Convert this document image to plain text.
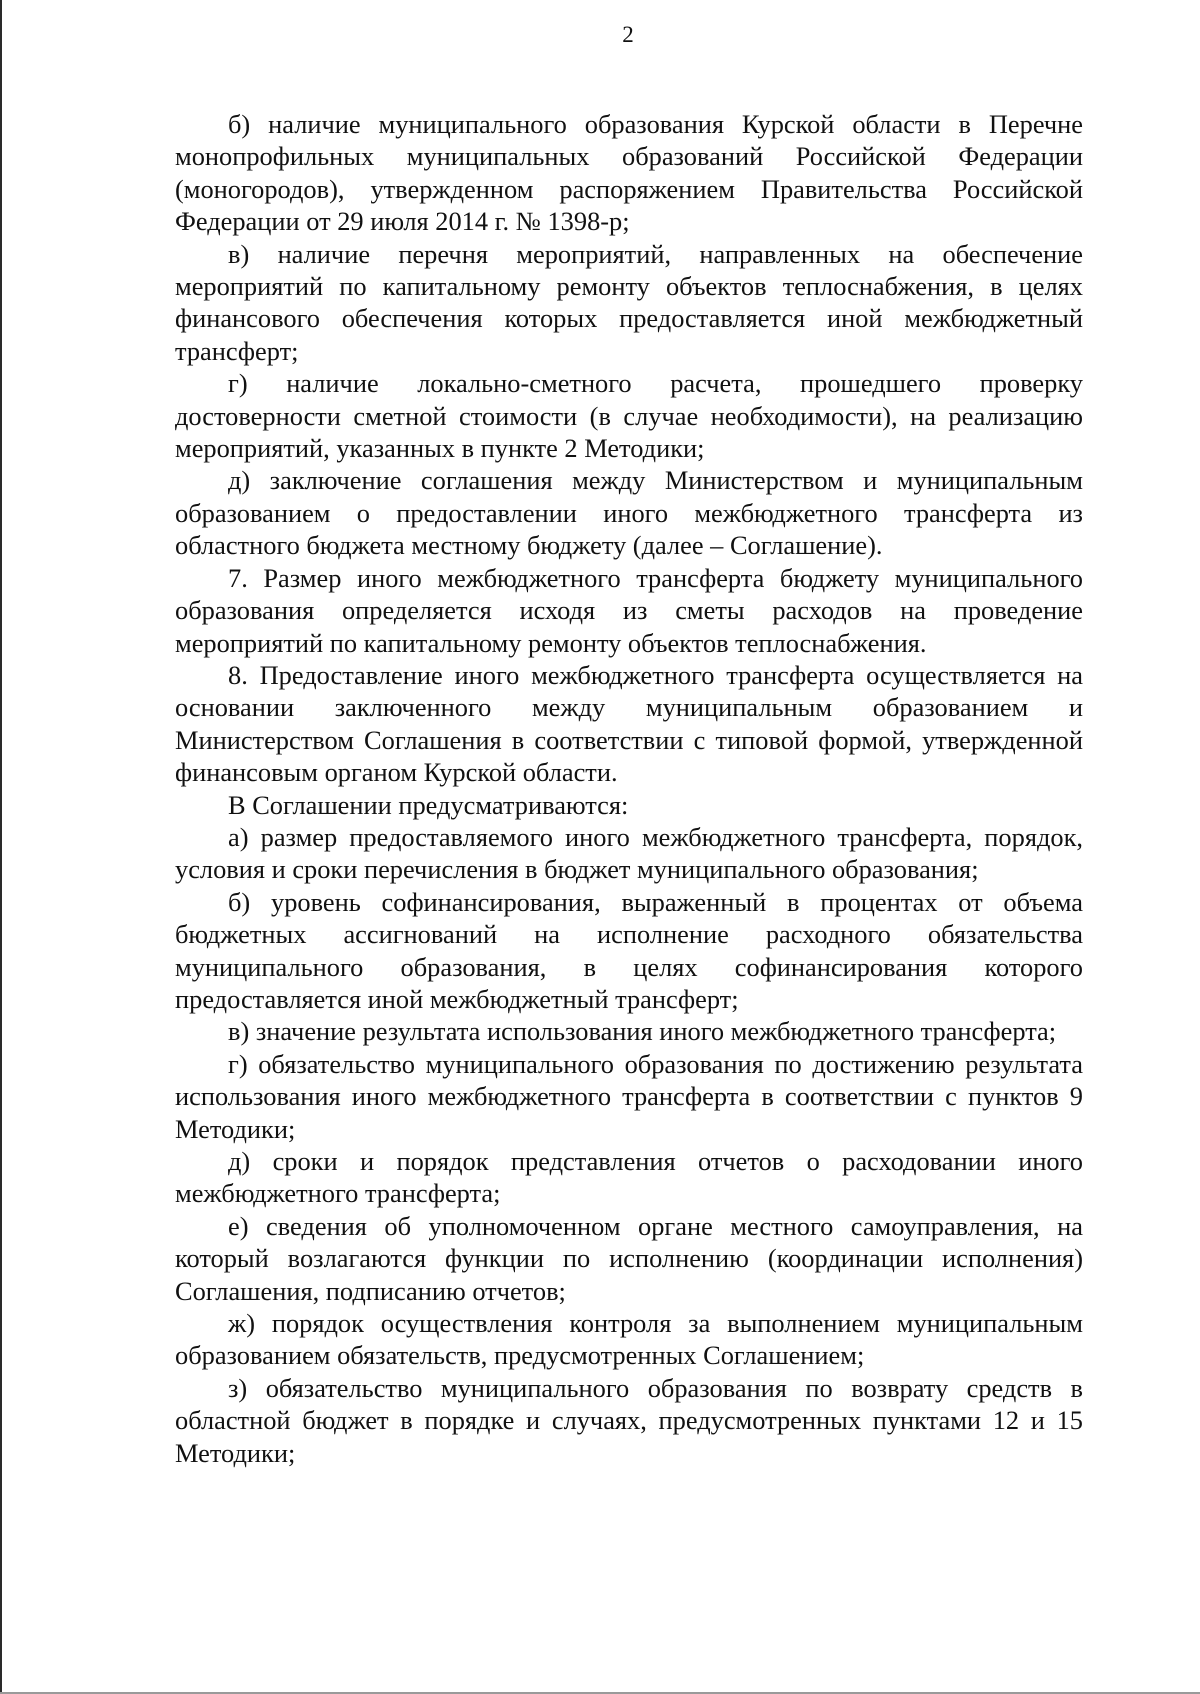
2

б) наличие муниципального образования Курской области в Перечне монопрофильных муниципальных образований Российской Федерации (моногородов), утвержденном распоряжением Правительства Российской Федерации от 29 июля 2014 г. № 1398-р;

в) наличие перечня мероприятий, направленных на обеспечение мероприятий по капитальному ремонту объектов теплоснабжения, в целях финансового обеспечения которых предоставляется иной межбюджетный трансферт;

г) наличие локально-сметного расчета, прошедшего проверку достоверности сметной стоимости (в случае необходимости), на реализацию мероприятий, указанных в пункте 2 Методики;

д) заключение соглашения между Министерством и муниципальным образованием о предоставлении иного межбюджетного трансферта из областного бюджета местному бюджету (далее – Соглашение).

7. Размер иного межбюджетного трансферта бюджету муниципального образования определяется исходя из сметы расходов на проведение мероприятий по капитальному ремонту объектов теплоснабжения.

8. Предоставление иного межбюджетного трансферта осуществляется на основании заключенного между муниципальным образованием и Министерством Соглашения в соответствии с типовой формой, утвержденной финансовым органом Курской области.

В Соглашении предусматриваются:

а) размер предоставляемого иного межбюджетного трансферта, порядок, условия и сроки перечисления в бюджет муниципального образования;

б) уровень софинансирования, выраженный в процентах от объема бюджетных ассигнований на исполнение расходного обязательства муниципального образования, в целях софинансирования которого предоставляется иной межбюджетный трансферт;

в) значение результата использования иного межбюджетного трансферта;

г) обязательство муниципального образования по достижению результата использования иного межбюджетного трансферта в соответствии с пунктов 9 Методики;

д) сроки и порядок представления отчетов о расходовании иного межбюджетного трансферта;

е) сведения об уполномоченном органе местного самоуправления, на который возлагаются функции по исполнению (координации исполнения) Соглашения, подписанию отчетов;

ж) порядок осуществления контроля за выполнением муниципальным образованием обязательств, предусмотренных Соглашением;

з) обязательство муниципального образования по возврату средств в областной бюджет в порядке и случаях, предусмотренных пунктами 12 и 15 Методики;
